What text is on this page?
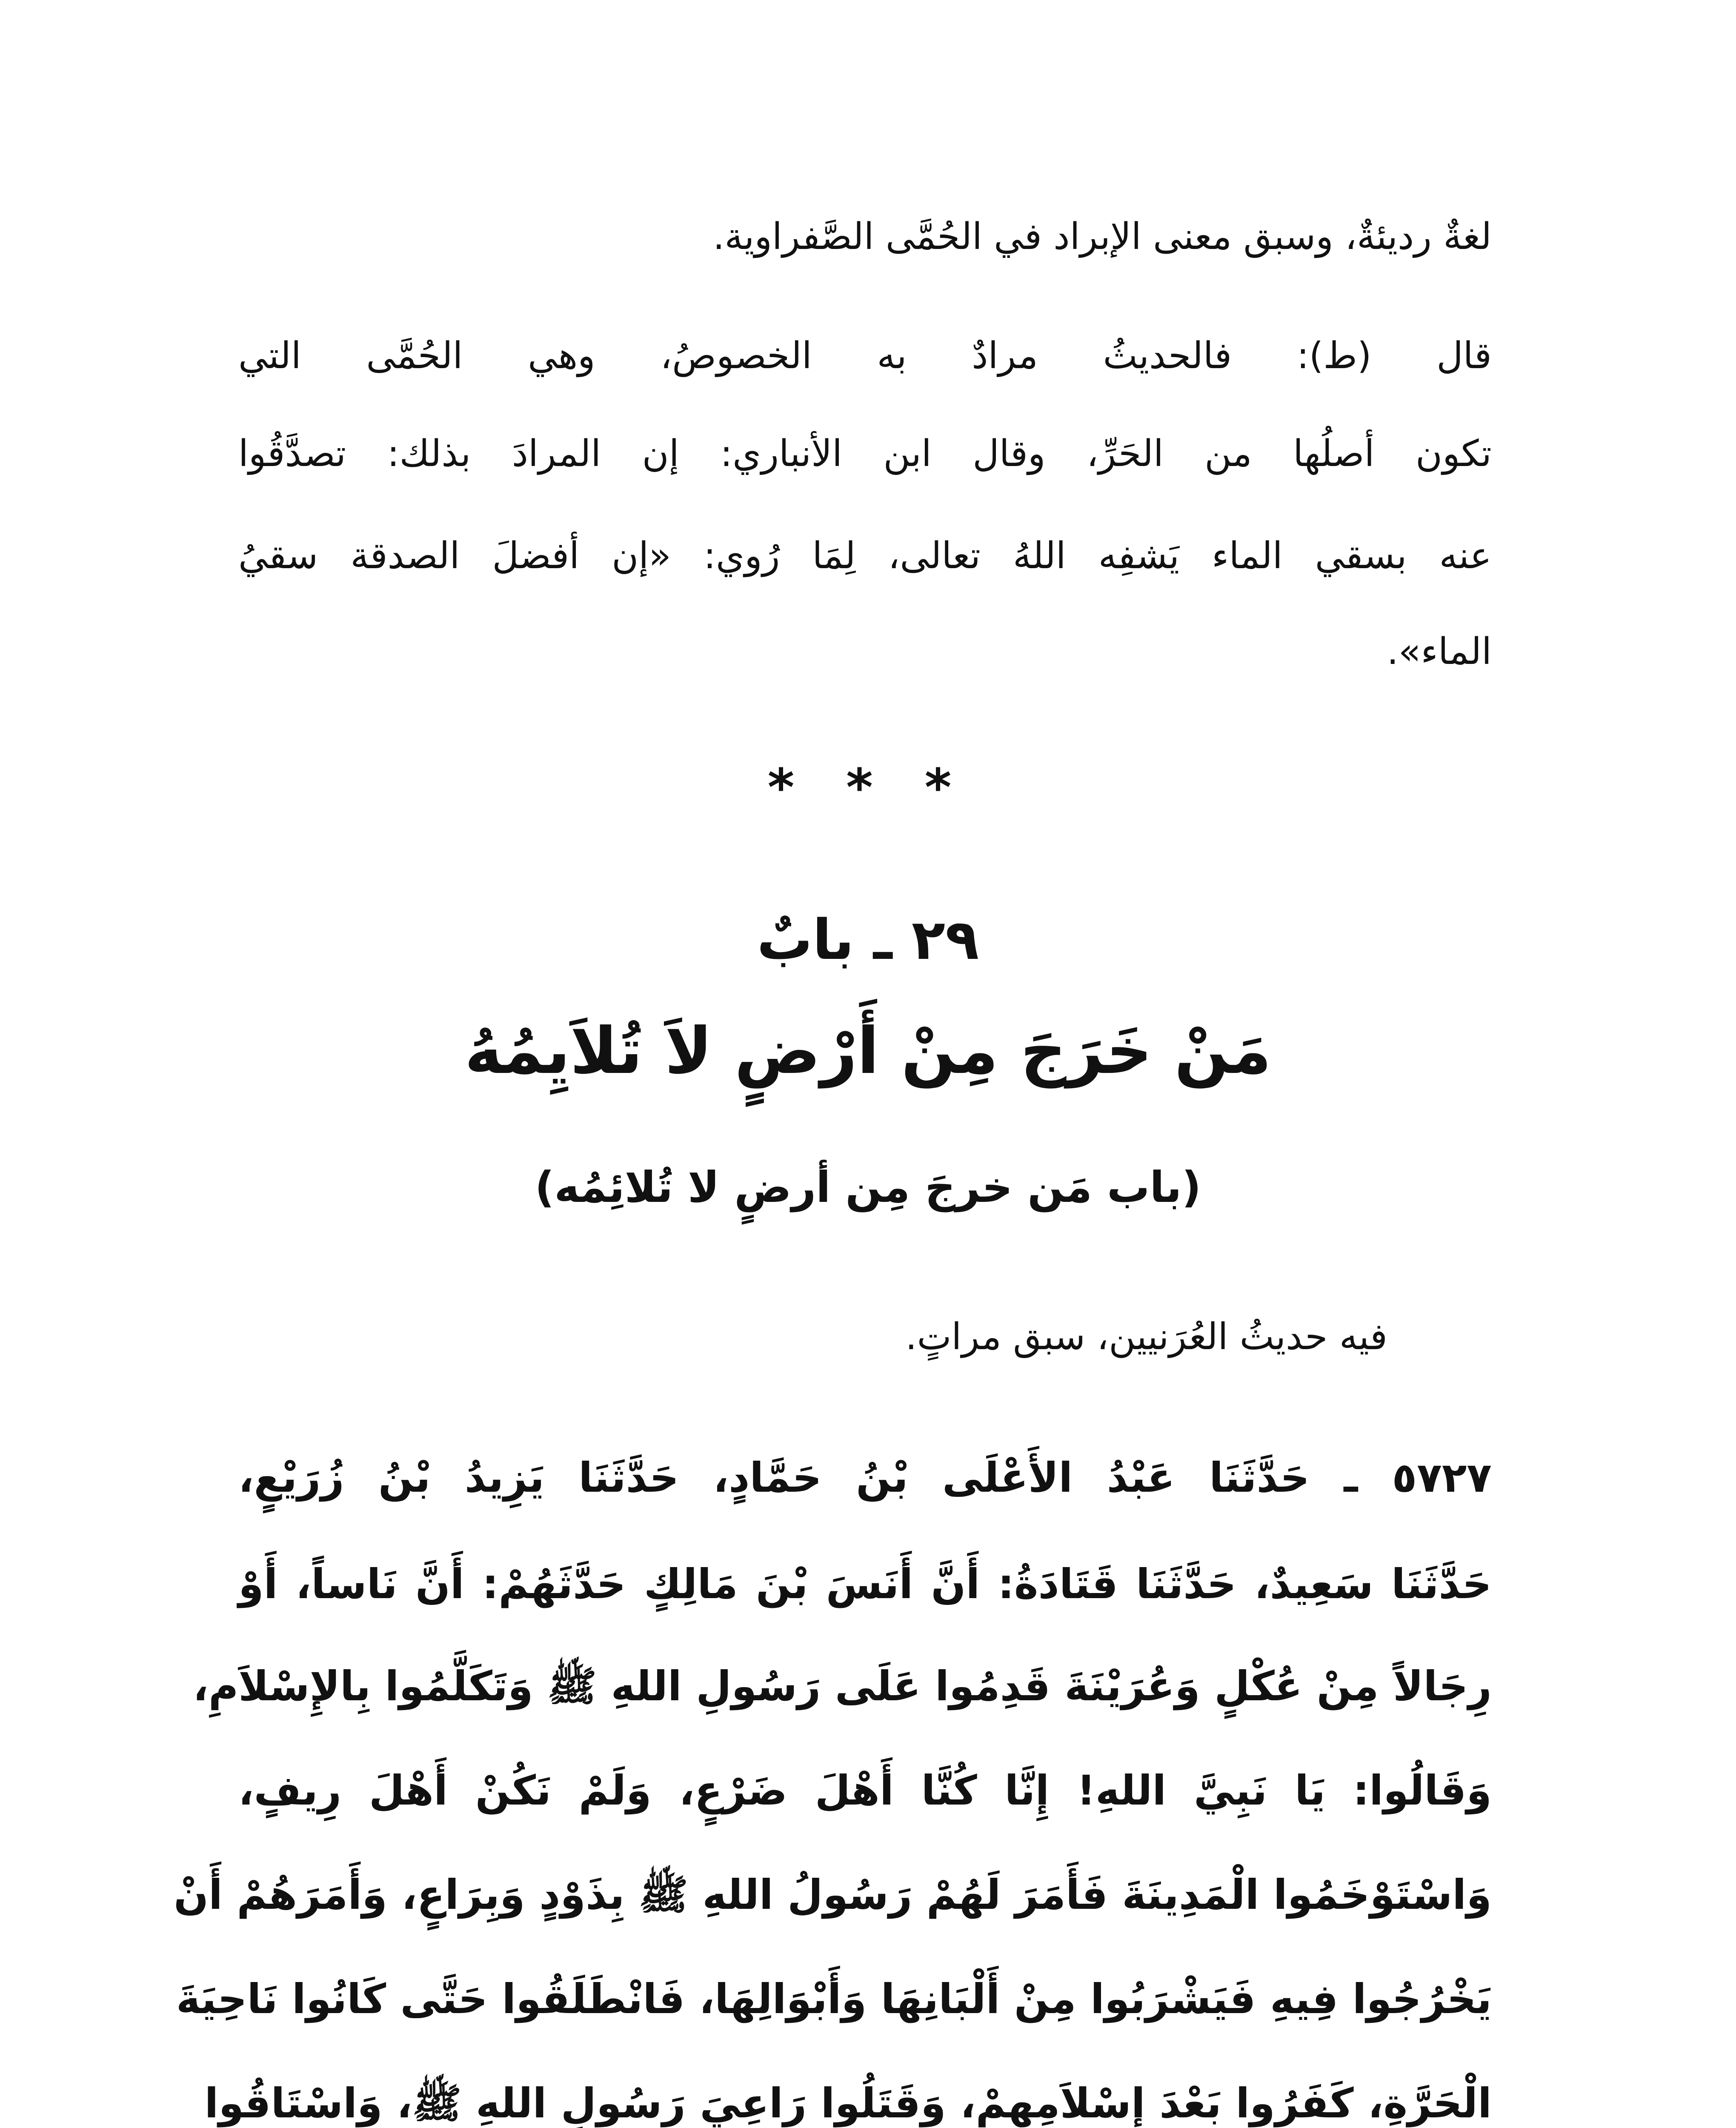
لغةٌ رديئةٌ، وسبق معنى الإبراد في الحُمَّى الصَّفراوية.
قال (ط): فالحديثُ مرادٌ به الخصوصُ، وهي الحُمَّى التي
تكون أصلُها من الحَرِّ، وقال ابن الأنباري: إن المرادَ بذلك: تصدَّقُوا
عنه بسقي الماء يَشفِه اللهُ تعالى، لِمَا رُوي: «إن أفضلَ الصدقة سقيُ
الماء».
* * *
٢٩ ـ بابٌ
مَنْ خَرَجَ مِنْ أَرْضٍ لاَ تُلاَيِمُهُ
(باب مَن خرجَ مِن أرضٍ لا تُلائِمُه)
فيه حديثُ العُرَنيين، سبق مراتٍ.
٥٧٢٧ ـ حَدَّثَنَا عَبْدُ الأَعْلَى بْنُ حَمَّادٍ، حَدَّثَنَا يَزِيدُ بْنُ زُرَيْعٍ،
حَدَّثَنَا سَعِيدٌ، حَدَّثَنَا قَتَادَةُ: أَنَّ أَنَسَ بْنَ مَالِكٍ حَدَّثَهُمْ: أَنَّ نَاساً، أَوْ
رِجَالاً مِنْ عُكْلٍ وَعُرَيْنَةَ قَدِمُوا عَلَى رَسُولِ اللهِ ﷺ وَتَكَلَّمُوا بِالإِسْلاَمِ،
وَقَالُوا: يَا نَبِيَّ اللهِ! إِنَّا كُنَّا أَهْلَ ضَرْعٍ، وَلَمْ نَكُنْ أَهْلَ رِيفٍ،
وَاسْتَوْخَمُوا الْمَدِينَةَ فَأَمَرَ لَهُمْ رَسُولُ اللهِ ﷺ بِذَوْدٍ وَبِرَاعٍ، وَأَمَرَهُمْ أَنْ
يَخْرُجُوا فِيهِ فَيَشْرَبُوا مِنْ أَلْبَانِهَا وَأَبْوَالِهَا، فَانْطَلَقُوا حَتَّى كَانُوا نَاحِيَةَ
الْحَرَّةِ، كَفَرُوا بَعْدَ إِسْلاَمِهِمْ، وَقَتَلُوا رَاعِيَ رَسُولِ اللهِ ﷺ، وَاسْتَاقُوا
